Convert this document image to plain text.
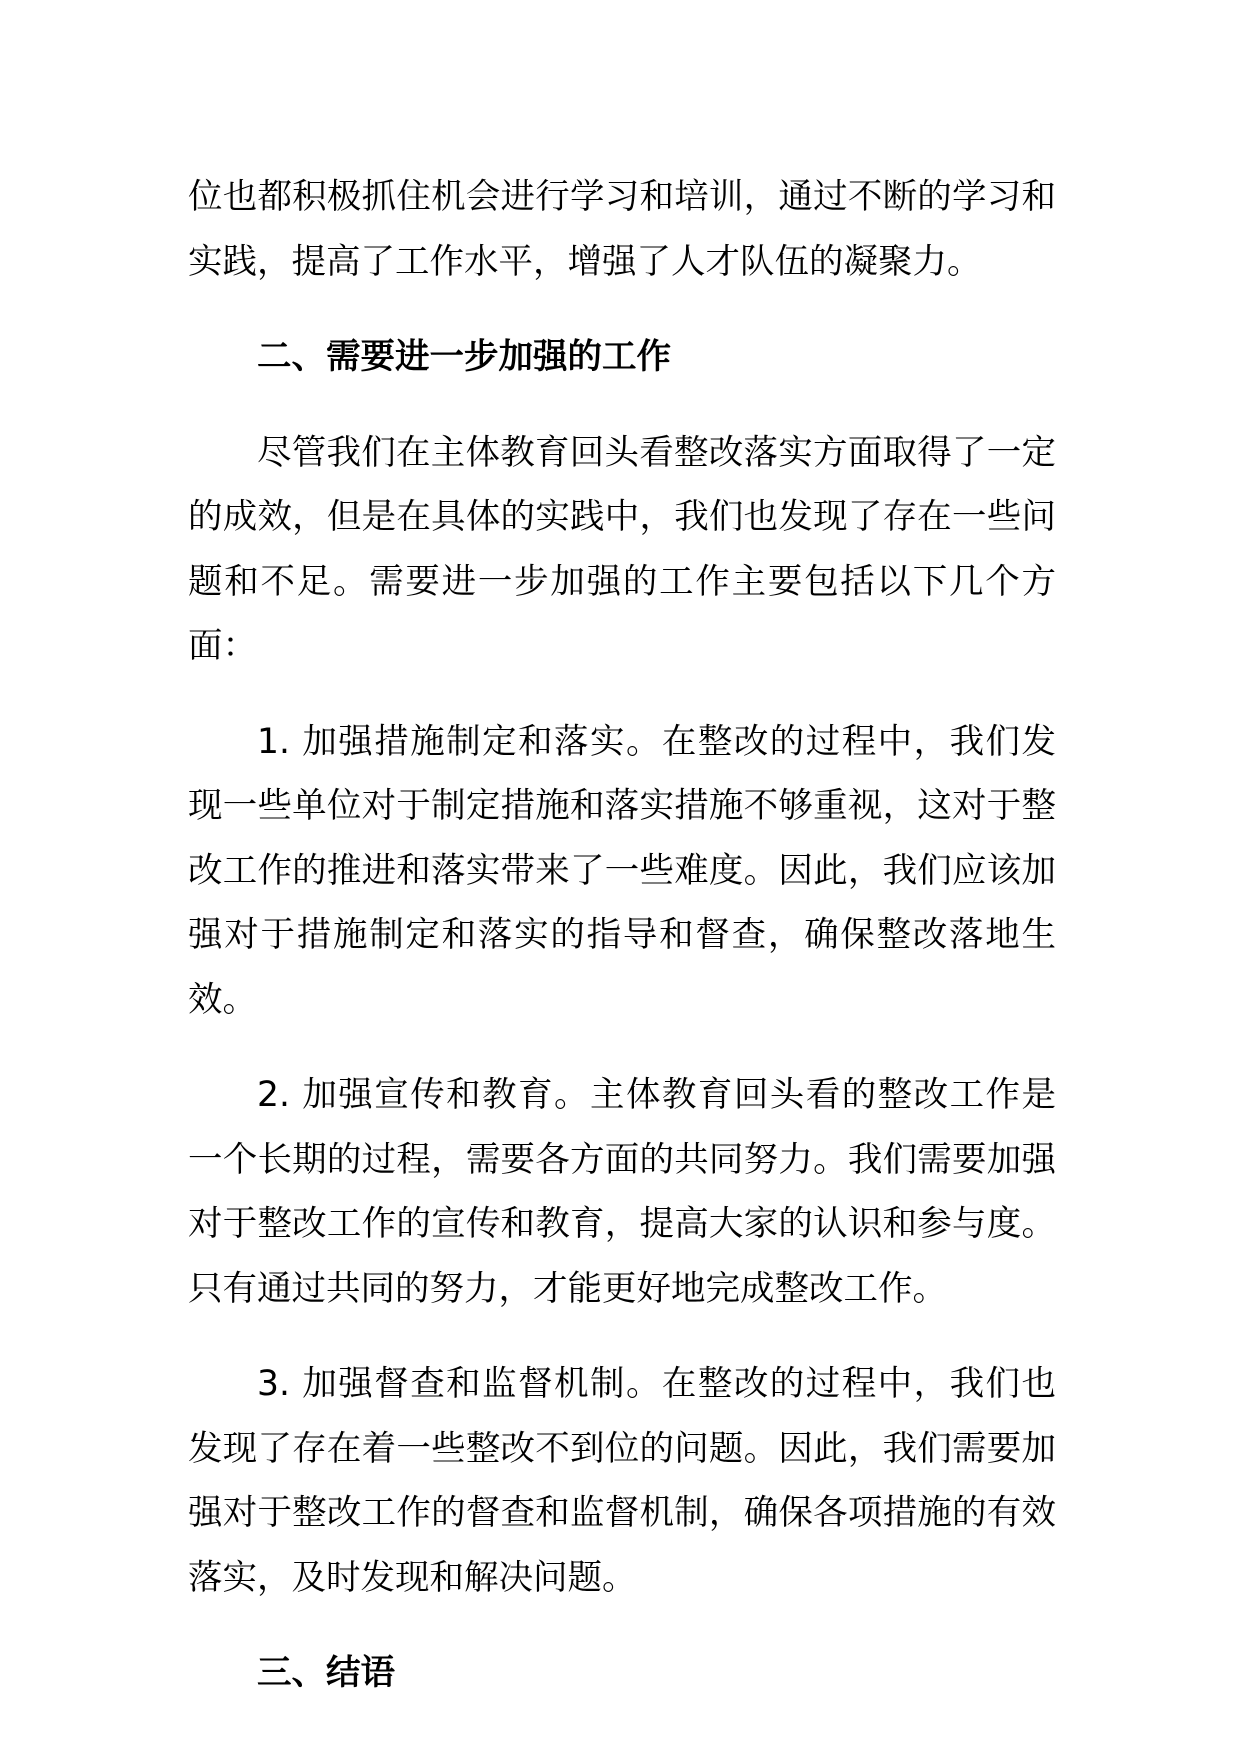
位也都积极抓住机会进行学习和培训，通过不断的学习和实践，提高了工作水平，增强了人才队伍的凝聚力。

二、需要进一步加强的工作

尽管我们在主体教育回头看整改落实方面取得了一定的成效，但是在具体的实践中，我们也发现了存在一些问题和不足。需要进一步加强的工作主要包括以下几个方面：

1. 加强措施制定和落实。在整改的过程中，我们发现一些单位对于制定措施和落实措施不够重视，这对于整改工作的推进和落实带来了一些难度。因此，我们应该加强对于措施制定和落实的指导和督查，确保整改落地生效。

2. 加强宣传和教育。主体教育回头看的整改工作是一个长期的过程，需要各方面的共同努力。我们需要加强对于整改工作的宣传和教育，提高大家的认识和参与度。只有通过共同的努力，才能更好地完成整改工作。

3. 加强督查和监督机制。在整改的过程中，我们也发现了存在着一些整改不到位的问题。因此，我们需要加强对于整改工作的督查和监督机制，确保各项措施的有效落实，及时发现和解决问题。

三、结语
